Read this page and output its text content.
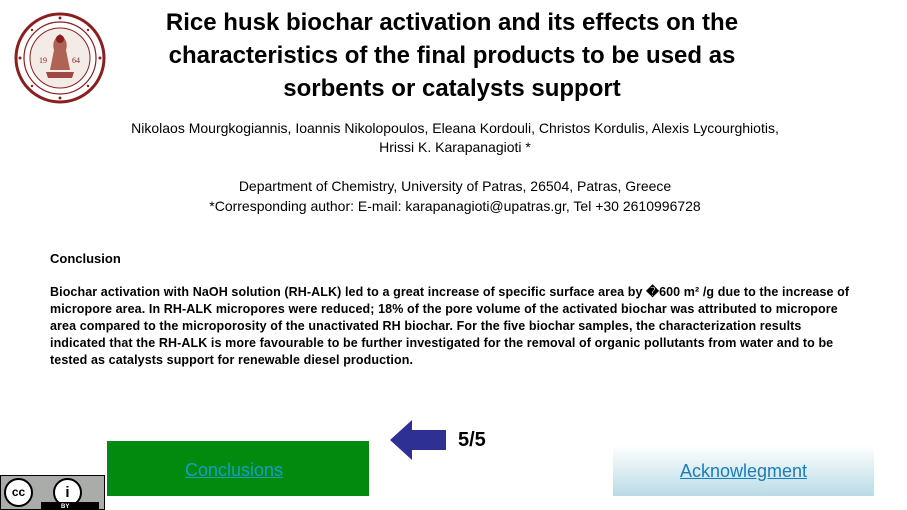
19	64
Rice husk biochar activation and its effects on the characteristics of the final products to be used as sorbents or catalysts support
Nikolaos Mourgkogiannis, Ioannis Nikolopoulos, Eleana Kordouli, Christos Kordulis, Alexis Lycourghiotis,
Hrissi K. Karapanagioti *
Department of Chemistry, University of Patras, 26504, Patras, Greece
*Corresponding author: E-mail: karapanagioti@upatras.gr, Tel +30 2610996728
Conclusion
Biochar activation with NaOH solution (RH-ALK) led to a great increase of specific surface area by �600 m² /g due to the increase of micropore area. In RH-ALK micropores were reduced; 18% of the pore volume of the activated biochar was attributed to micropore area compared to the microporosity of the unactivated RH biochar. For the five biochar samples, the characterization results indicated that the RH-ALK is more favourable to be further investigated for the removal of organic pollutants from water and to be tested as catalysts support for renewable diesel production.
5/5
Conclusions	Acknowlegment
cc	i
BY
